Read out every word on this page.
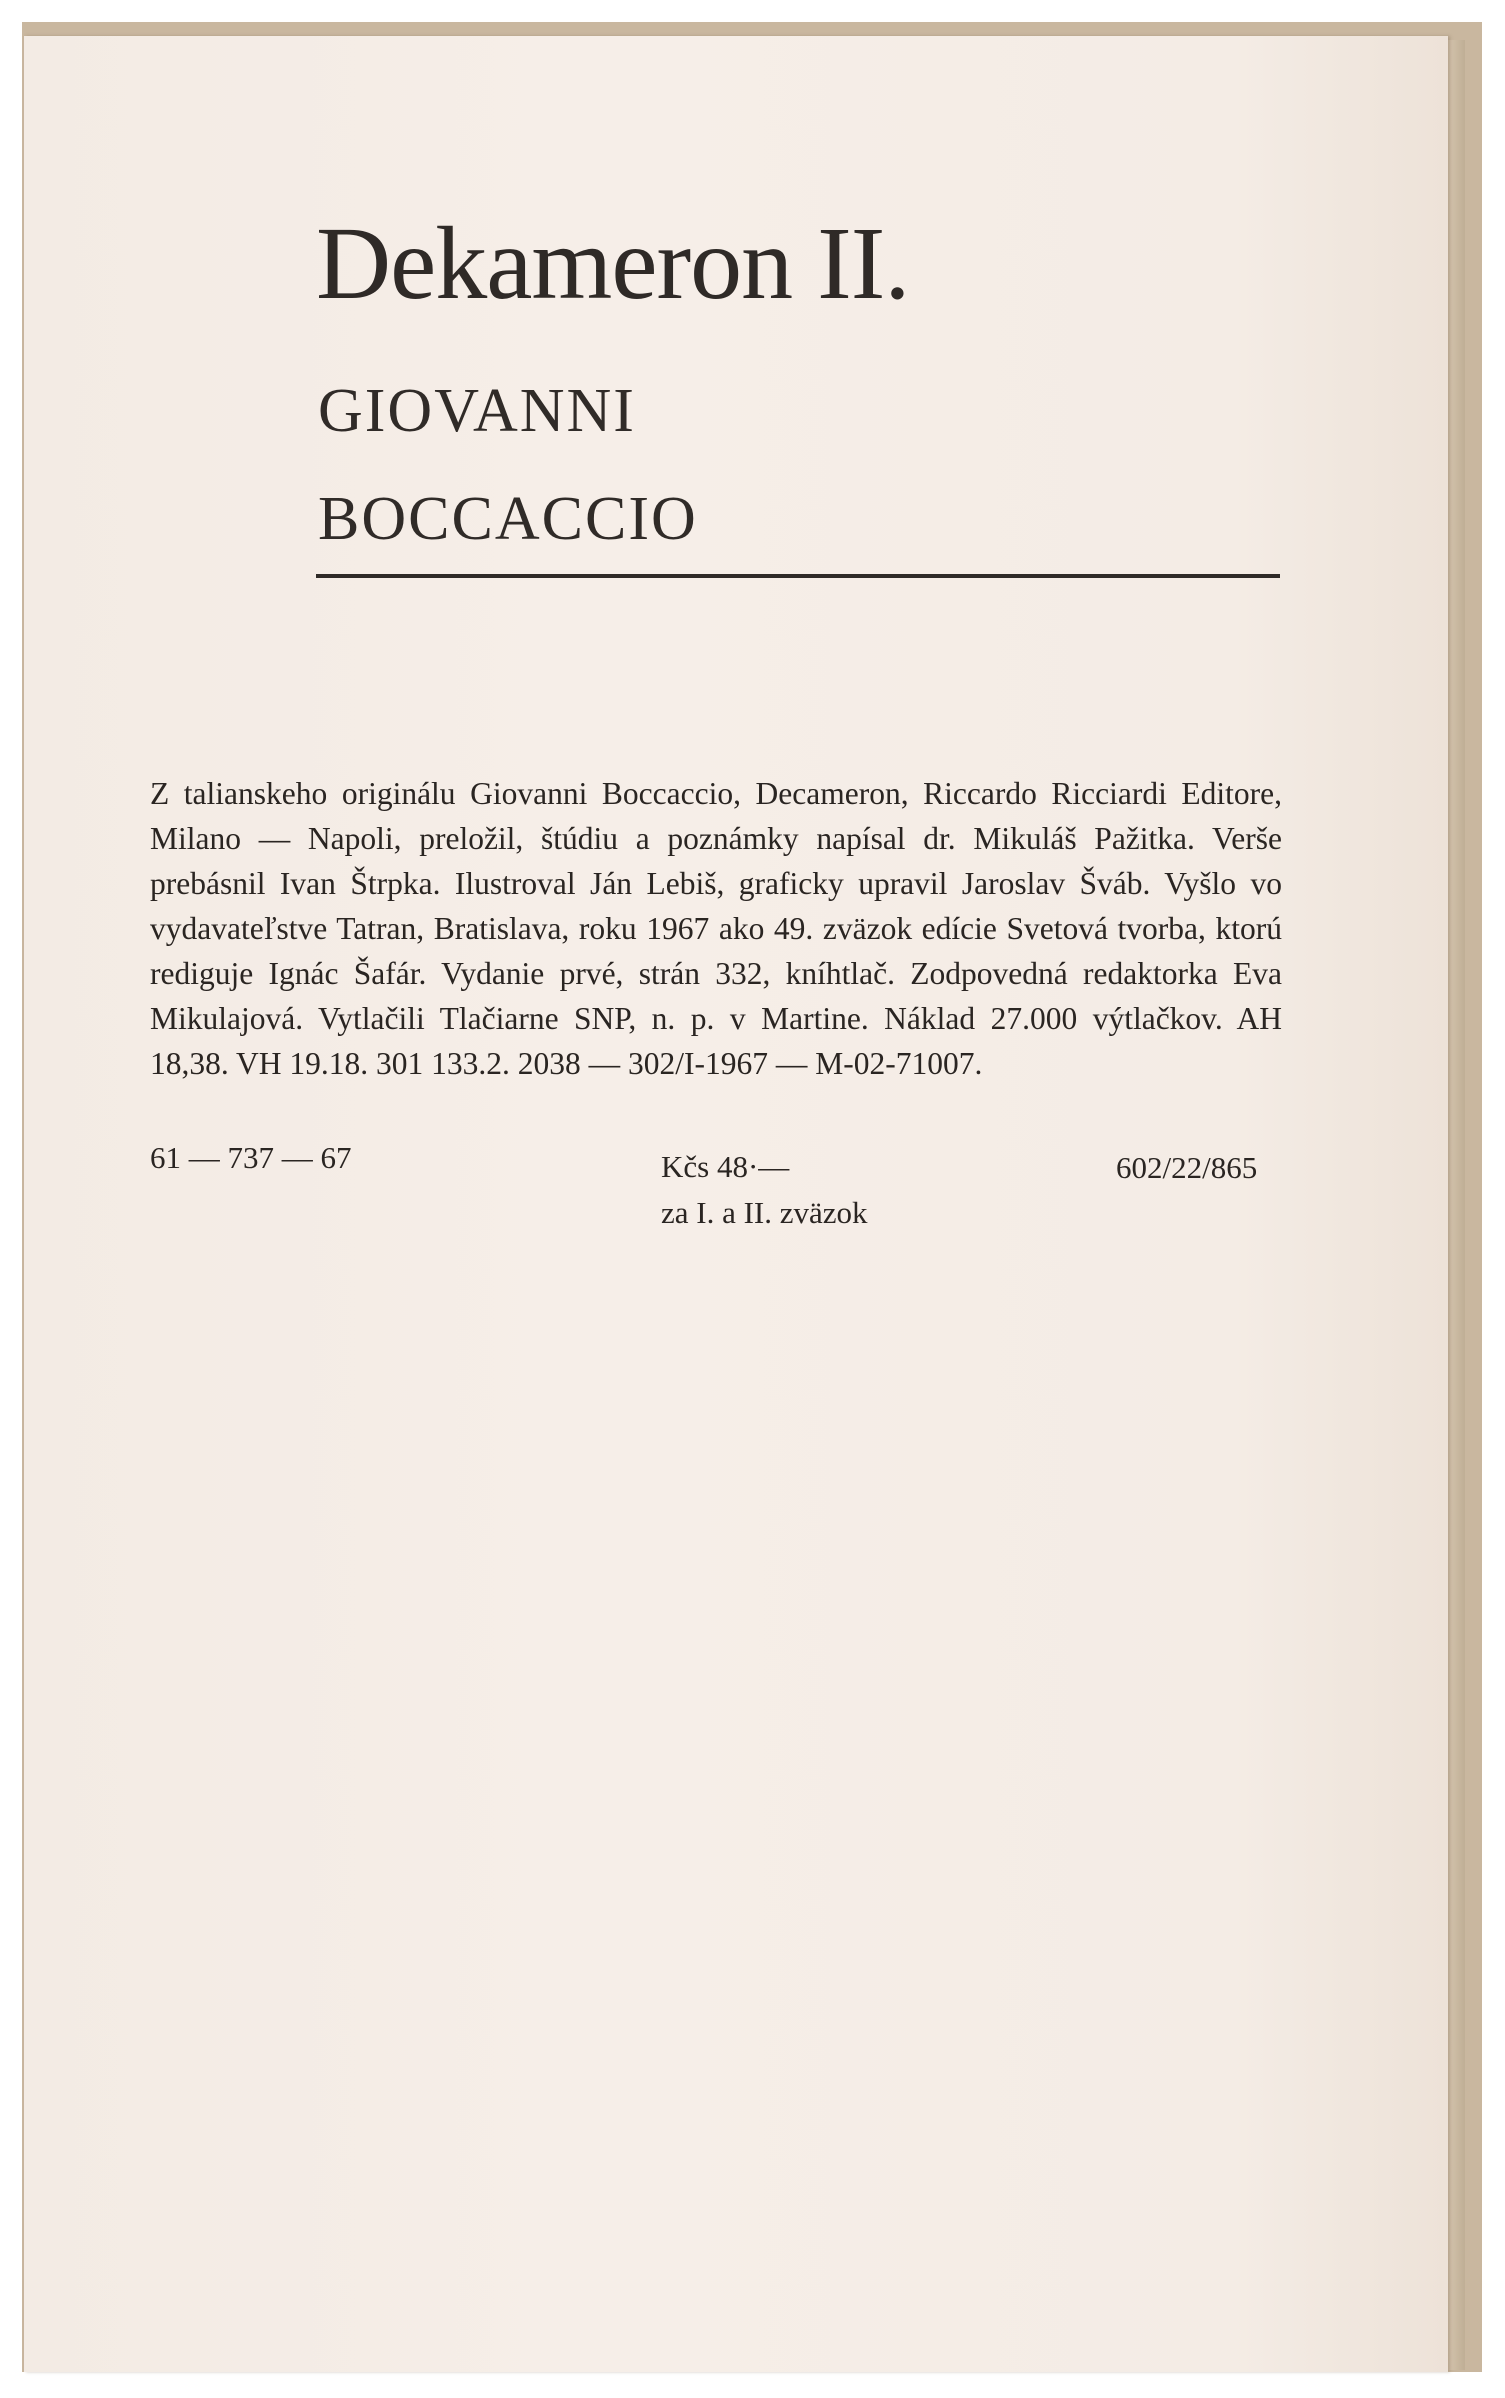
Dekameron II.

GIOVANNI

BOCCACCIO

Z talianskeho originálu Giovanni Boccaccio, Decameron, Riccardo Ricciardi Editore, Milano — Napoli, preložil, štúdiu a poznámky napísal dr. Mikuláš Pažitka. Verše prebásnil Ivan Štrpka. Ilustroval Ján Lebiš, graficky upravil Jaroslav Šváb. Vyšlo vo vydavateľstve Tatran, Bratislava, roku 1967 ako 49. zväzok edície Svetová tvorba, ktorú rediguje Ignác Šafár. Vydanie prvé, strán 332, kníhtlač. Zodpovedná redaktorka Eva Mikulajová. Vytlačili Tlačiarne SNP, n. p. v Martine. Náklad 27.000 výtlačkov. AH 18,38. VH 19.18. 301 133.2. 2038 — 302/I-1967 — M-02-71007.

61 — 737 — 67	Kčs 48·—
za I. a II. zväzok
602/22/865
